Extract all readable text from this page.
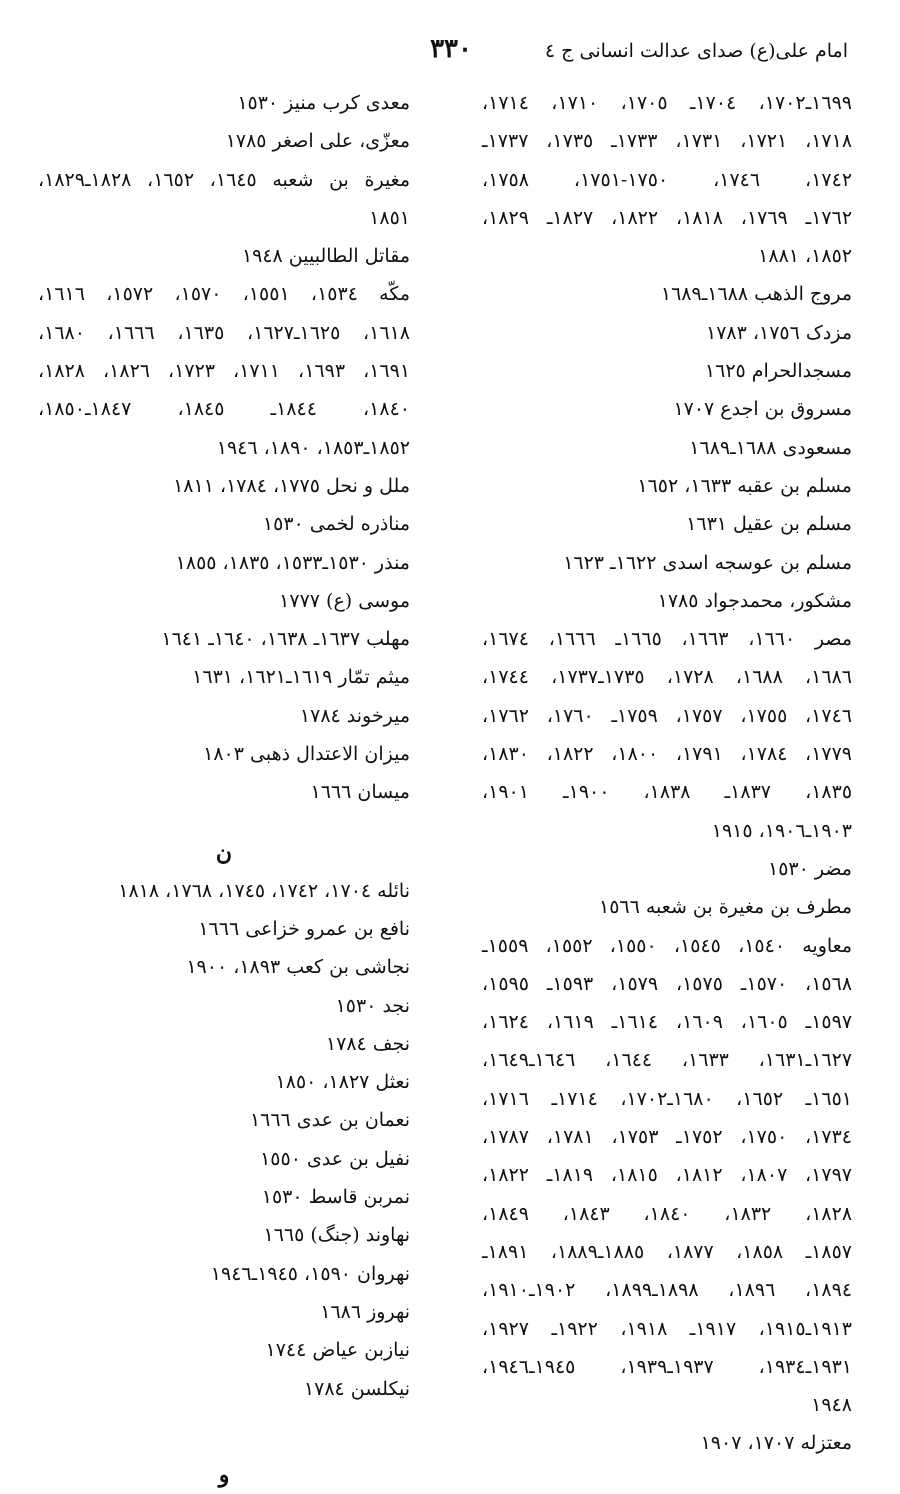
امام علی(ع) صدای عدالت انسانی ج ٤
٣٣٠
١٦٩٩ـ١٧٠٢، ١٧٠٤ـ ١٧٠٥، ١٧١٠، ١٧١٤،
١٧١٨، ١٧٢١، ١٧٣١، ١٧٣٣ـ ١٧٣٥، ١٧٣٧ـ
١٧٤٢، ١٧٤٦، ١٧٥٠-١٧٥١، ١٧٥٨،
١٧٦٢ـ ١٧٦٩، ١٨١٨، ١٨٢٢، ١٨٢٧ـ ١٨٢٩،
١٨٥٢، ١٨٨١
مروج الذهب ١٦٨٨ـ١٦٨٩
مزدک ١٧٥٦، ١٧٨٣
مسجدالحرام ١٦٢٥
مسروق بن اجدع ١٧٠٧
مسعودی ١٦٨٨ـ١٦٨٩
مسلم بن عقبه ١٦٣٣، ١٦٥٢
مسلم بن عقیل ١٦٣١
مسلم بن عوسجه اسدی ١٦٢٢ـ ١٦٢٣
مشکور، محمدجواد ١٧٨٥
مصر ١٦٦٠، ١٦٦٣، ١٦٦٥ـ ١٦٦٦، ١٦٧٤،
١٦٨٦، ١٦٨٨، ١٧٢٨، ١٧٣٥ـ١٧٣٧، ١٧٤٤،
١٧٤٦، ١٧٥٥، ١٧٥٧، ١٧٥٩ـ ١٧٦٠، ١٧٦٢،
١٧٧٩، ١٧٨٤، ١٧٩١، ١٨٠٠، ١٨٢٢، ١٨٣٠،
١٨٣٥، ١٨٣٧ـ ١٨٣٨، ١٩٠٠ـ ١٩٠١،
١٩٠٣ـ١٩٠٦، ١٩١٥
مضر ١٥٣٠
مطرف بن مغیرة بن شعبه ١٥٦٦
معاویه ١٥٤٠، ١٥٤٥، ١٥٥٠، ١٥٥٢، ١٥٥٩ـ
١٥٦٨، ١٥٧٠ـ ١٥٧٥، ١٥٧٩، ١٥٩٣ـ ١٥٩٥،
١٥٩٧ـ ١٦٠٥، ١٦٠٩، ١٦١٤ـ ١٦١٩، ١٦٢٤،
١٦٢٧ـ١٦٣١، ١٦٣٣، ١٦٤٤، ١٦٤٦ـ١٦٤٩،
١٦٥١ـ ١٦٥٢، ١٦٨٠ـ١٧٠٢، ١٧١٤ـ ١٧١٦،
١٧٣٤، ١٧٥٠، ١٧٥٢ـ ١٧٥٣، ١٧٨١، ١٧٨٧،
١٧٩٧، ١٨٠٧، ١٨١٢، ١٨١٥، ١٨١٩ـ ١٨٢٢،
١٨٢٨، ١٨٣٢، ١٨٤٠، ١٨٤٣، ١٨٤٩،
١٨٥٧ـ ١٨٥٨، ١٨٧٧، ١٨٨٥ـ١٨٨٩، ١٨٩١ـ
١٨٩٤، ١٨٩٦، ١٨٩٨ـ١٨٩٩، ١٩٠٢ـ١٩١٠،
١٩١٣ـ١٩١٥، ١٩١٧ـ ١٩١٨، ١٩٢٢ـ ١٩٢٧،
١٩٣١ـ١٩٣٤، ١٩٣٧ـ١٩٣٩، ١٩٤٥ـ١٩٤٦،
١٩٤٨
معتزله ١٧٠٧، ١٩٠٧
معدی کرب منیز ١٥٣٠
معزّی، علی اصغر ١٧٨٥
مغیرة بن شعبه ١٦٤٥، ١٦٥٢، ١٨٢٨ـ١٨٢٩،
١٨٥١
مقاتل الطالبیین ١٩٤٨
مکّه ١٥٣٤، ١٥٥١، ١٥٧٠، ١٥٧٢، ١٦١٦،
١٦١٨، ١٦٢٥ـ١٦٢٧، ١٦٣٥، ١٦٦٦، ١٦٨٠،
١٦٩١، ١٦٩٣، ١٧١١، ١٧٢٣، ١٨٢٦، ١٨٢٨،
١٨٤٠، ١٨٤٤ـ ١٨٤٥، ١٨٤٧ـ١٨٥٠،
١٨٥٢ـ١٨٥٣، ١٨٩٠، ١٩٤٦
ملل و نحل ١٧٧٥، ١٧٨٤، ١٨١١
مناذره لخمی ١٥٣٠
منذر ١٥٣٠ـ١٥٣٣، ١٨٣٥، ١٨٥٥
موسی (ع) ١٧٧٧
مهلب ١٦٣٧ـ ١٦٣٨، ١٦٤٠ـ ١٦٤١
میثم تمّار ١٦١٩ـ١٦٢١، ١٦٣١
میرخوند ١٧٨٤
میزان الاعتدال ذهبی ١٨٠٣
میسان ١٦٦٦
ن
نائله ١٧٠٤، ١٧٤٢، ١٧٤٥، ١٧٦٨، ١٨١٨
نافع بن عمرو خزاعی ١٦٦٦
نجاشی بن کعب ١٨٩٣، ١٩٠٠
نجد ١٥٣٠
نجف ١٧٨٤
نعثل ١٨٢٧، ١٨٥٠
نعمان بن عدی ١٦٦٦
نفیل بن عدی ١٥٥٠
نمربن قاسط ١٥٣٠
نهاوند (جنگ) ١٦٦٥
نهروان ١٥٩٠، ١٩٤٥ـ١٩٤٦
نهروز ١٦٨٦
نیازبن عیاض ١٧٤٤
نیکلسن ١٧٨٤
و
